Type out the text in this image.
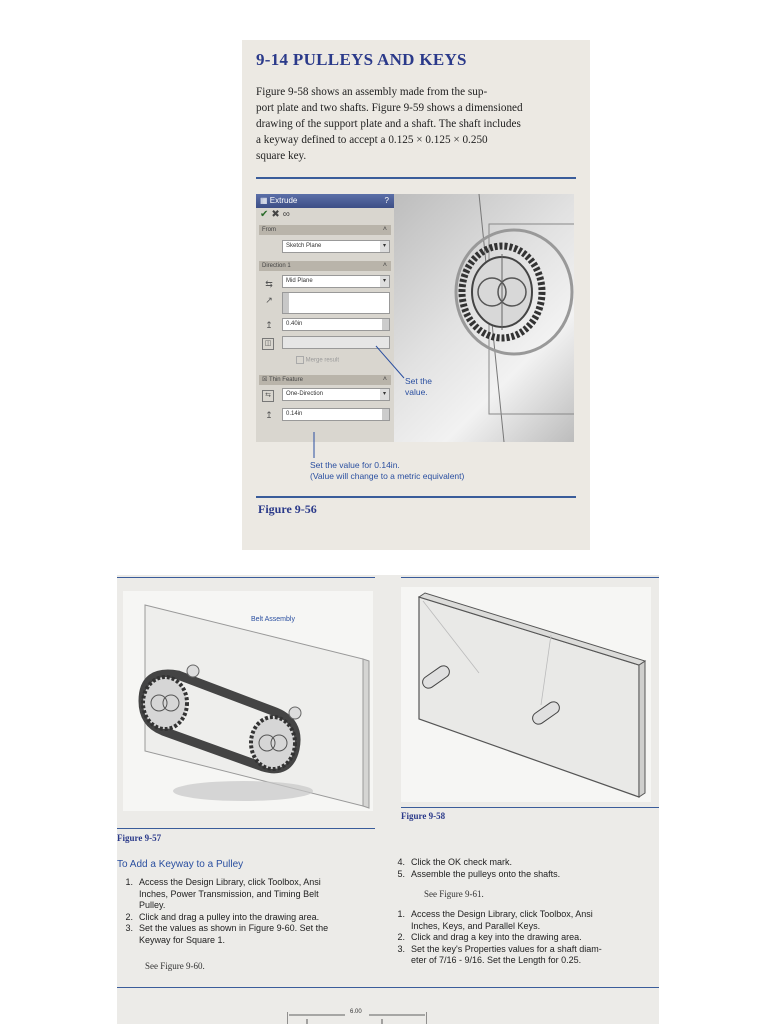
9-14 PULLEYS AND KEYS

Figure 9-58 shows an assembly made from the sup-
port plate and two shafts. Figure 9-59 shows a dimensioned
drawing of the support plate and a shaft. The shaft includes
a keyway defined to accept a 0.125 × 0.125 × 0.250
square key.

▦ Extrude	?
✔✖∞
From	˄
Sketch Plane	▾
Direction 1	˄
⇆	Mid Plane	▾
↗
↥	0.40in
◫
Merge result
☒ Thin Feature	˄
⇆	One-Direction	▾
↥	0.14in
Set the
value.
Set the value for 0.14in.
(Value will change to a metric equivalent)
Figure 9-56
Belt Assembly
Figure 9-58
Figure 9-57
To Add a Keyway to a Pulley
1. Access the Design Library, click Toolbox, Ansi
Inches, Power Transmission, and Timing Belt
Pulley.
2. Click and drag a pulley into the drawing area.
3. Set the values as shown in Figure 9-60. Set the
Keyway for Square 1.
See Figure 9-60.
4. Click the OK check mark.
5. Assemble the pulleys onto the shafts.
See Figure 9-61.
1. Access the Design Library, click Toolbox, Ansi
Inches, Keys, and Parallel Keys.
2. Click and drag a key into the drawing area.
3. Set the key's Properties values for a shaft diam-
eter of 7/16 - 9/16. Set the Length for 0.25.
6.00
